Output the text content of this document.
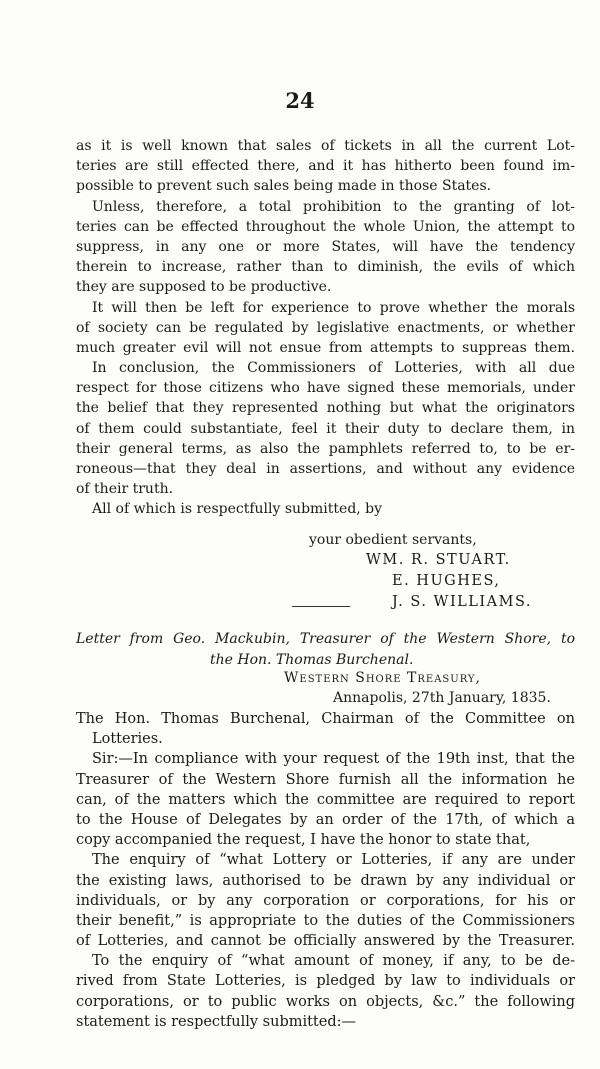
24
as it is well known that sales of tickets in all the current Lot-
teries are still effected there, and it has hitherto been found im-
possible to prevent such sales being made in those States.
Unless, therefore, a total prohibition to the granting of lot-
teries can be effected throughout the whole Union, the attempt to
suppress, in any one or more States, will have the tendency
therein to increase, rather than to diminish, the evils of which
they are supposed to be productive.
It will then be left for experience to prove whether the morals
of society can be regulated by legislative enactments, or whether
much greater evil will not ensue from attempts to suppreas them.
In conclusion, the Commissioners of Lotteries, with all due
respect for those citizens who have signed these memorials, under
the belief that they represented nothing but what the originators
of them could substantiate, feel it their duty to declare them, in
their general terms, as also the pamphlets referred to, to be er-
roneous—that they deal in assertions, and without any evidence
of their truth.
All of which is respectfully submitted, by
your obedient servants,
WM. R. STUART.
E. HUGHES,
J. S. WILLIAMS.
Letter from Geo. Mackubin, Treasurer of the Western Shore, to
the Hon. Thomas Burchenal.
Western Shore Treasury,
Annapolis, 27th January, 1835.
The Hon. Thomas Burchenal, Chairman of the Committee on
Lotteries.
Sir:—In compliance with your request of the 19th inst, that the
Treasurer of the Western Shore furnish all the information he
can, of the matters which the committee are required to report
to the House of Delegates by an order of the 17th, of which a
copy accompanied the request, I have the honor to state that,
The enquiry of “what Lottery or Lotteries, if any are under
the existing laws, authorised to be drawn by any individual or
individuals, or by any corporation or corporations, for his or
their benefit,” is appropriate to the duties of the Commissioners
of Lotteries, and cannot be officially answered by the Treasurer.
To the enquiry of “what amount of money, if any, to be de-
rived from State Lotteries, is pledged by law to individuals or
corporations, or to public works on objects, &c.” the following
statement is respectfully submitted:—
